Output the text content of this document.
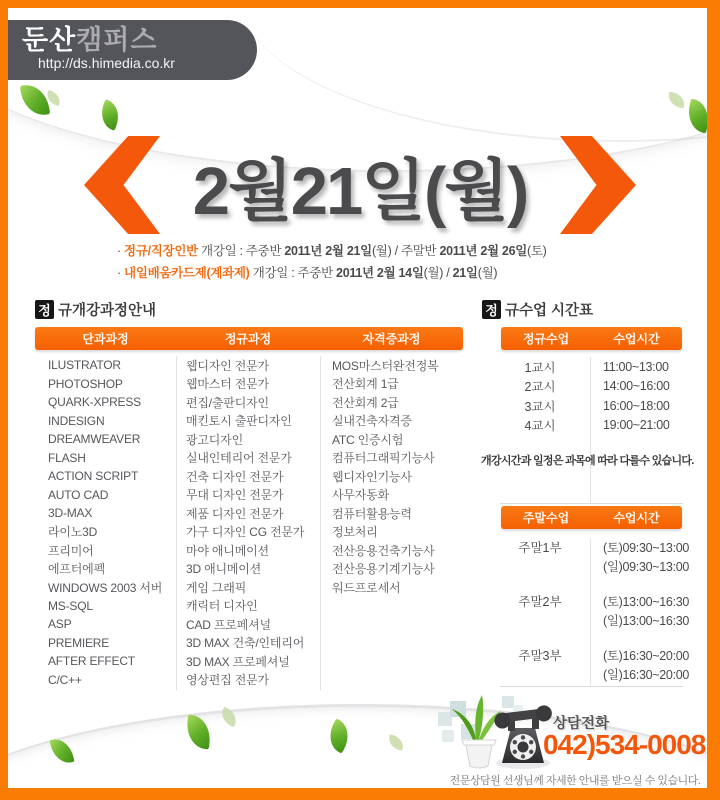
둔산캠퍼스
http://ds.himedia.co.kr
2월21일(월)
· 정규/직장인반 개강일 : 주중반 2011년 2월 21일(월) / 주말반 2011년 2월 26일(토)
· 내일배움카드제(계좌제) 개강일 : 주중반 2011년 2월 14일(월) / 21일(월)
정 규개강과정안내
단과과정	정규과정	자격증과정
ILUSTRATOR	웹디자인 전문가	MOS마스터완전정복
PHOTOSHOP	웹마스터 전문가	전산회계 1급
QUARK-XPRESS	편집/출판디자인	전산회계 2급
INDESIGN	매킨토시 출판디자인	실내건축자격증
DREAMWEAVER	광고디자인	ATC 인증시험
FLASH	실내인테리어 전문가	컴퓨터그래픽기능사
ACTION SCRIPT	건축 디자인 전문가	웹디자인기능사
AUTO CAD	무대 디자인 전문가	사무자동화
3D-MAX	제품 디자인 전문가	컴퓨터활용능력
라이노3D	가구 디자인 CG 전문가	정보처리
프리미어	마야 애니메이션	전산응용건축기능사
에프터에펙	3D 애니메이션	전산응용기계기능사
WINDOWS 2003 서버	게임 그래픽	워드프로세서
MS-SQL	캐릭터 디자인
ASP	CAD 프로페셔널
PREMIERE	3D MAX 건축/인테리어
AFTER EFFECT	3D MAX 프로페셔널
C/C++	영상편집 전문가
정 규수업 시간표
정규수업	수업시간
1교시	11:00~13:00
2교시	14:00~16:00
3교시	16:00~18:00
4교시	19:00~21:00
개강시간과 일정은 과목에 따라 다를수 있습니다.
주말수업	수업시간
주말1부	(토)09:30~13:00
(일)09:30~13:00
주말2부	(토)13:00~16:30
(일)13:00~16:30
주말3부	(토)16:30~20:00
(일)16:30~20:00
상담전화
042)534-0008
전문상담원 선생님께 자세한 안내를 받으실 수 있습니다.
